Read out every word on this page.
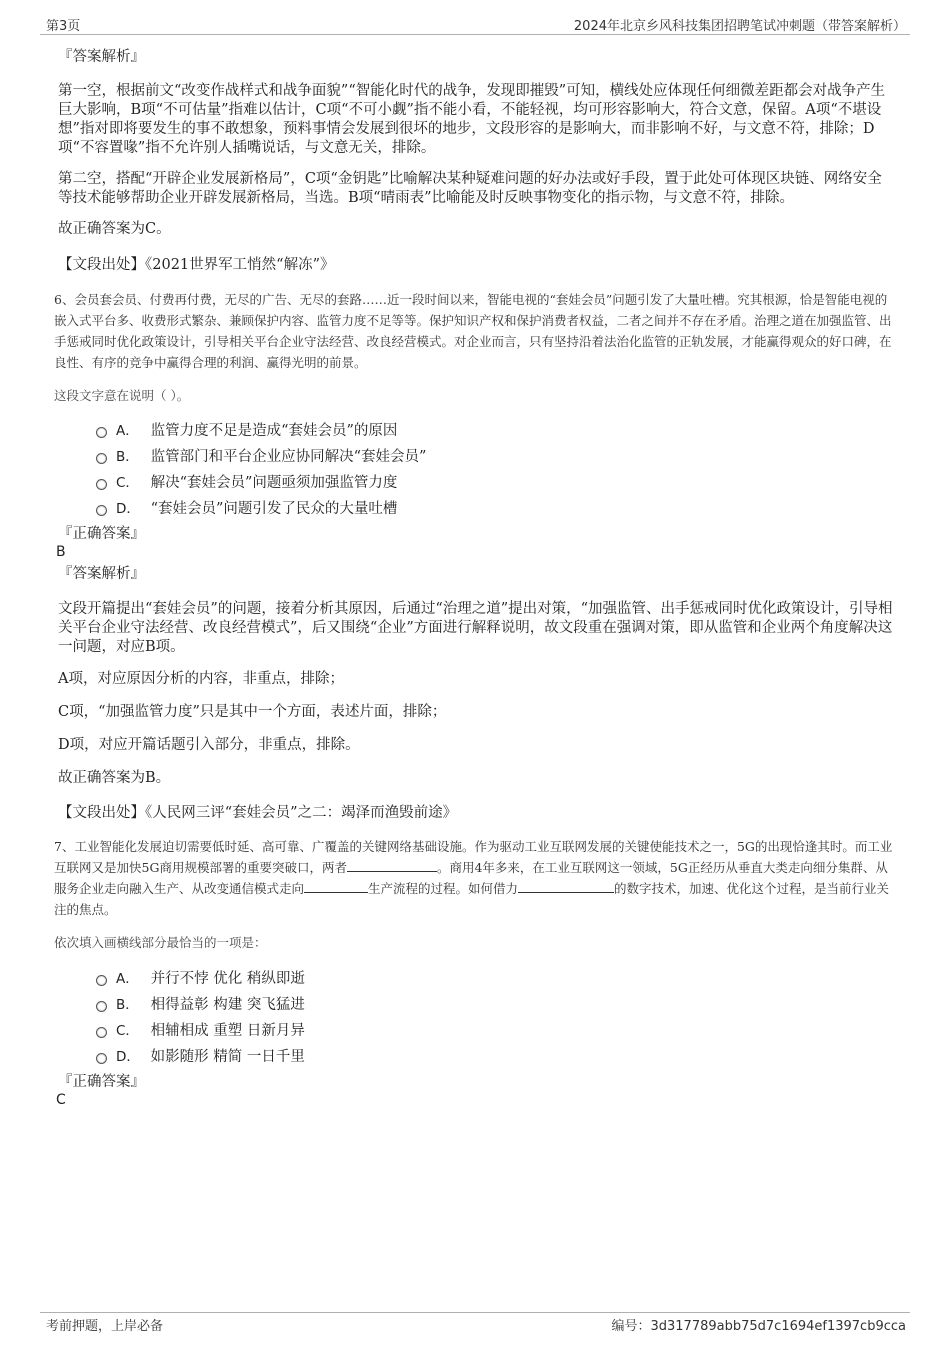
第3页	2024年北京乡风科技集团招聘笔试冲刺题（带答案解析）
『答案解析』

第一空，根据前文“改变作战样式和战争面貌”“智能化时代的战争，发现即摧毁”可知，横线处应体现任何细微差距都会对战争产生巨大影响，B项“不可估量”指难以估计，C项“不可小觑”指不能小看，不能轻视，均可形容影响大，符合文意，保留。A项“不堪设想”指对即将要发生的事不敢想象，预料事情会发展到很坏的地步，文段形容的是影响大，而非影响不好，与文意不符，排除；D项“不容置喙”指不允许别人插嘴说话，与文意无关，排除。

第二空，搭配“开辟企业发展新格局”，C项“金钥匙”比喻解决某种疑难问题的好办法或好手段，置于此处可体现区块链、网络安全等技术能够帮助企业开辟发展新格局，当选。B项“晴雨表”比喻能及时反映事物变化的指示物，与文意不符，排除。

故正确答案为C。

【文段出处】《2021世界军工悄然“解冻”》

6、会员套会员、付费再付费，无尽的广告、无尽的套路……近一段时间以来，智能电视的“套娃会员”问题引发了大量吐槽。究其根源，恰是智能电视的嵌入式平台多、收费形式繁杂、兼顾保护内容、监管力度不足等等。保护知识产权和保护消费者权益，二者之间并不存在矛盾。治理之道在加强监管、出手惩戒同时优化政策设计，引导相关平台企业守法经营、改良经营模式。对企业而言，只有坚持沿着法治化监管的正轨发展，才能赢得观众的好口碑，在良性、有序的竞争中赢得合理的利润、赢得光明的前景。

这段文字意在说明（ ）。

A． 监管力度不足是造成“套娃会员”的原因
B． 监管部门和平台企业应协同解决“套娃会员”
C． 解决“套娃会员”问题亟须加强监管力度
D． “套娃会员”问题引发了民众的大量吐槽
『正确答案』
B
『答案解析』

文段开篇提出“套娃会员”的问题，接着分析其原因，后通过“治理之道”提出对策，“加强监管、出手惩戒同时优化政策设计，引导相关平台企业守法经营、改良经营模式”，后又围绕“企业”方面进行解释说明，故文段重在强调对策，即从监管和企业两个角度解决这一问题，对应B项。

A项，对应原因分析的内容，非重点，排除；

C项，“加强监管力度”只是其中一个方面，表述片面，排除；

D项，对应开篇话题引入部分，非重点，排除。

故正确答案为B。

【文段出处】《人民网三评“套娃会员”之二：竭泽而渔毁前途》

7、工业智能化发展迫切需要低时延、高可靠、广覆盖的关键网络基础设施。作为驱动工业互联网发展的关键使能技术之一，5G的出现恰逢其时。而工业互联网又是加快5G商用规模部署的重要突破口，两者	。商用4年多来，在工业互联网这一领域，5G正经历从垂直大类走向细分集群、从服务企业走向融入生产、从改变通信模式走向	生产流程的过程。如何借力	的数字技术，加速、优化这个过程，是当前行业关注的焦点。

依次填入画横线部分最恰当的一项是：

A． 并行不悖 优化 稍纵即逝
B． 相得益彰 构建 突飞猛进
C． 相辅相成 重塑 日新月异
D． 如影随形 精简 一日千里
『正确答案』
C
考前押题，上岸必备	编号：3d317789abb75d7c1694ef1397cb9cca
